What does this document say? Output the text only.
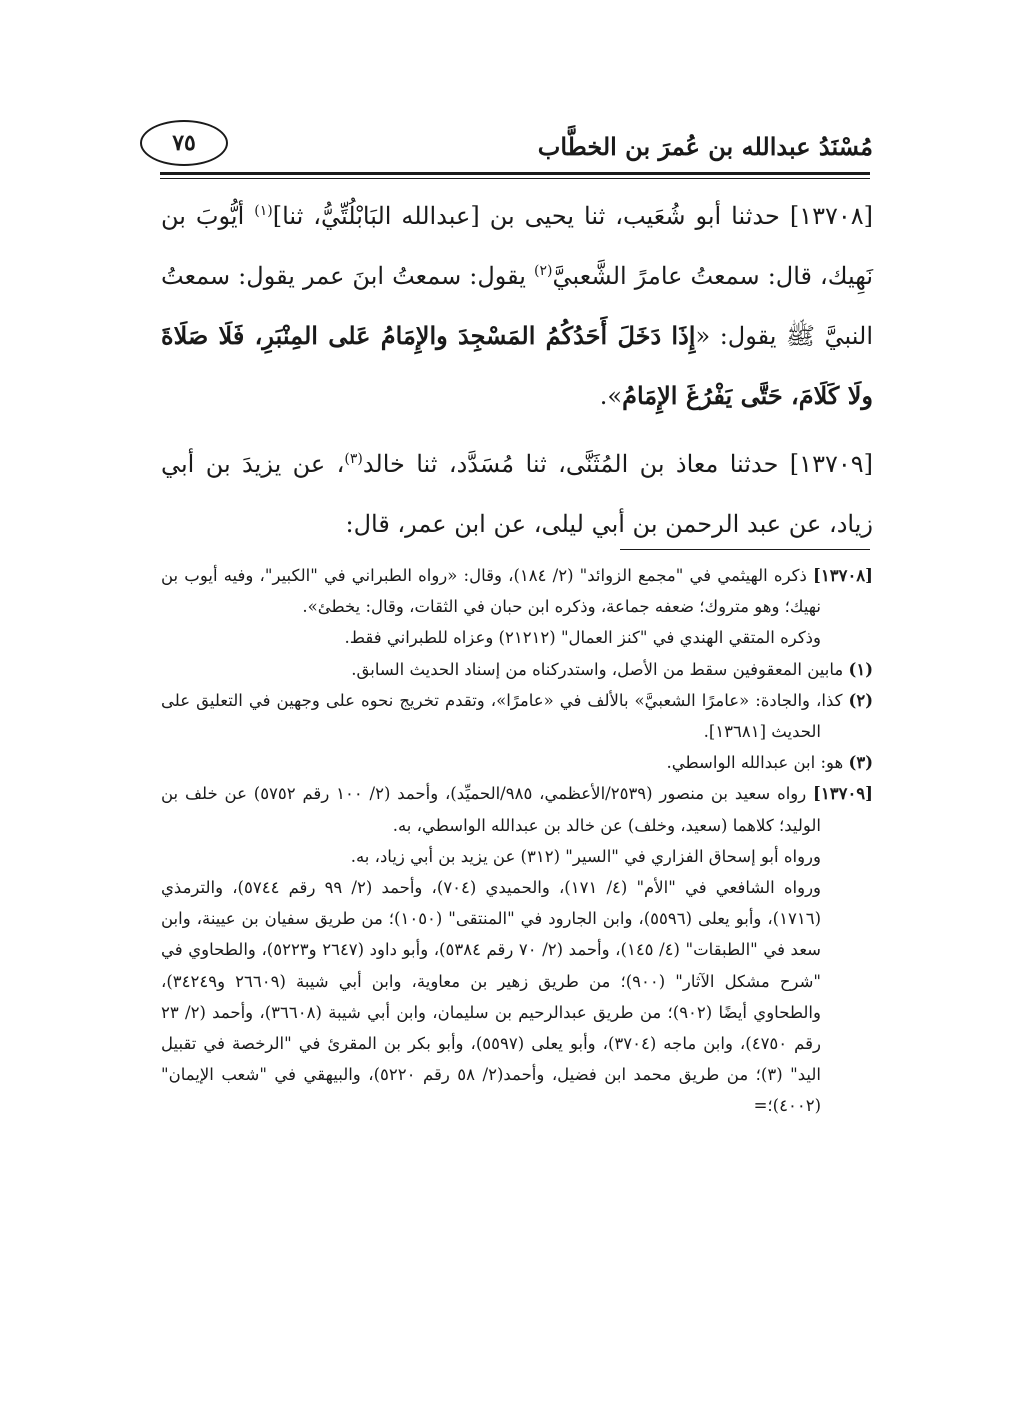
مُسْنَدُ عبدالله بن عُمرَ بن الخطَّاب
٧٥

[١٣٧٠٨] حدثنا أبو شُعَيب، ثنا يحيى بن [عبدالله البَابْلُتِّيُّ، ثنا]$^{(١)}$ أيُّوبَ بن نَهِيك، قال: سمعتُ عامرً الشَّعبيَّ$^{(٢)}$ يقول: سمعتُ ابنَ عمر يقول: سمعتُ النبيَّ ﷺ يقول: «إِذَا دَخَلَ أَحَدُكُمُ المَسْجِدَ والإِمَامُ عَلى المِنْبَرِ، فَلَا صَلَاةَ ولَا كَلَامَ، حَتَّى يَفْرُغَ الإِمَامُ».

[١٣٧٠٩] حدثنا معاذ بن المُثَنَّى، ثنا مُسَدَّد، ثنا خالد$^{(٣)}$، عن يزيدَ بن أبي زياد، عن عبد الرحمن بن أبي ليلى، عن ابن عمر، قال:

[١٣٧٠٨] ذكره الهيثمي في "مجمع الزوائد" (٢/ ١٨٤)، وقال: «رواه الطبراني في "الكبير"، وفيه أيوب بن نهيك؛ وهو متروك؛ ضعفه جماعة، وذكره ابن حبان في الثقات، وقال: يخطئ».
وذكره المتقي الهندي في "كنز العمال" (٢١٢١٢) وعزاه للطبراني فقط.
(١) مابين المعقوفين سقط من الأصل، واستدركناه من إسناد الحديث السابق.
(٢) كذا، والجادة: «عامرًا الشعبيَّ» بالألف في «عامرًا»، وتقدم تخريج نحوه على وجهين في التعليق على الحديث [١٣٦٨١].
(٣) هو: ابن عبدالله الواسطي.
[١٣٧٠٩] رواه سعيد بن منصور (٢٥٣٩/الأعظمي، ٩٨٥/الحميِّد)، وأحمد (٢/ ١٠٠ رقم ٥٧٥٢) عن خلف بن الوليد؛ كلاهما (سعيد، وخلف) عن خالد بن عبدالله الواسطي، به.
ورواه أبو إسحاق الفزاري في "السير" (٣١٢) عن يزيد بن أبي زياد، به.
ورواه الشافعي في "الأم" (٤/ ١٧١)، والحميدي (٧٠٤)، وأحمد (٢/ ٩٩ رقم ٥٧٤٤)، والترمذي (١٧١٦)، وأبو يعلى (٥٥٩٦)، وابن الجارود في "المنتقى" (١٠٥٠)؛ من طريق سفيان بن عيينة، وابن سعد في "الطبقات" (٤/ ١٤٥)، وأحمد (٢/ ٧٠ رقم ٥٣٨٤)، وأبو داود (٢٦٤٧ و٥٢٢٣)، والطحاوي في "شرح مشكل الآثار" (٩٠٠)؛ من طريق زهير بن معاوية، وابن أبي شيبة (٢٦٦٠٩ و٣٤٢٤٩)، والطحاوي أيضًا (٩٠٢)؛ من طريق عبدالرحيم بن سليمان، وابن أبي شيبة (٣٦٦٠٨)، وأحمد (٢/ ٢٣ رقم ٤٧٥٠)، وابن ماجه (٣٧٠٤)، وأبو يعلى (٥٥٩٧)، وأبو بكر بن المقرئ في "الرخصة في تقبيل اليد" (٣)؛ من طريق محمد ابن فضيل، وأحمد(٢/ ٥٨ رقم ٥٢٢٠)، والبيهقي في "شعب الإيمان" (٤٠٠٢)؛=
